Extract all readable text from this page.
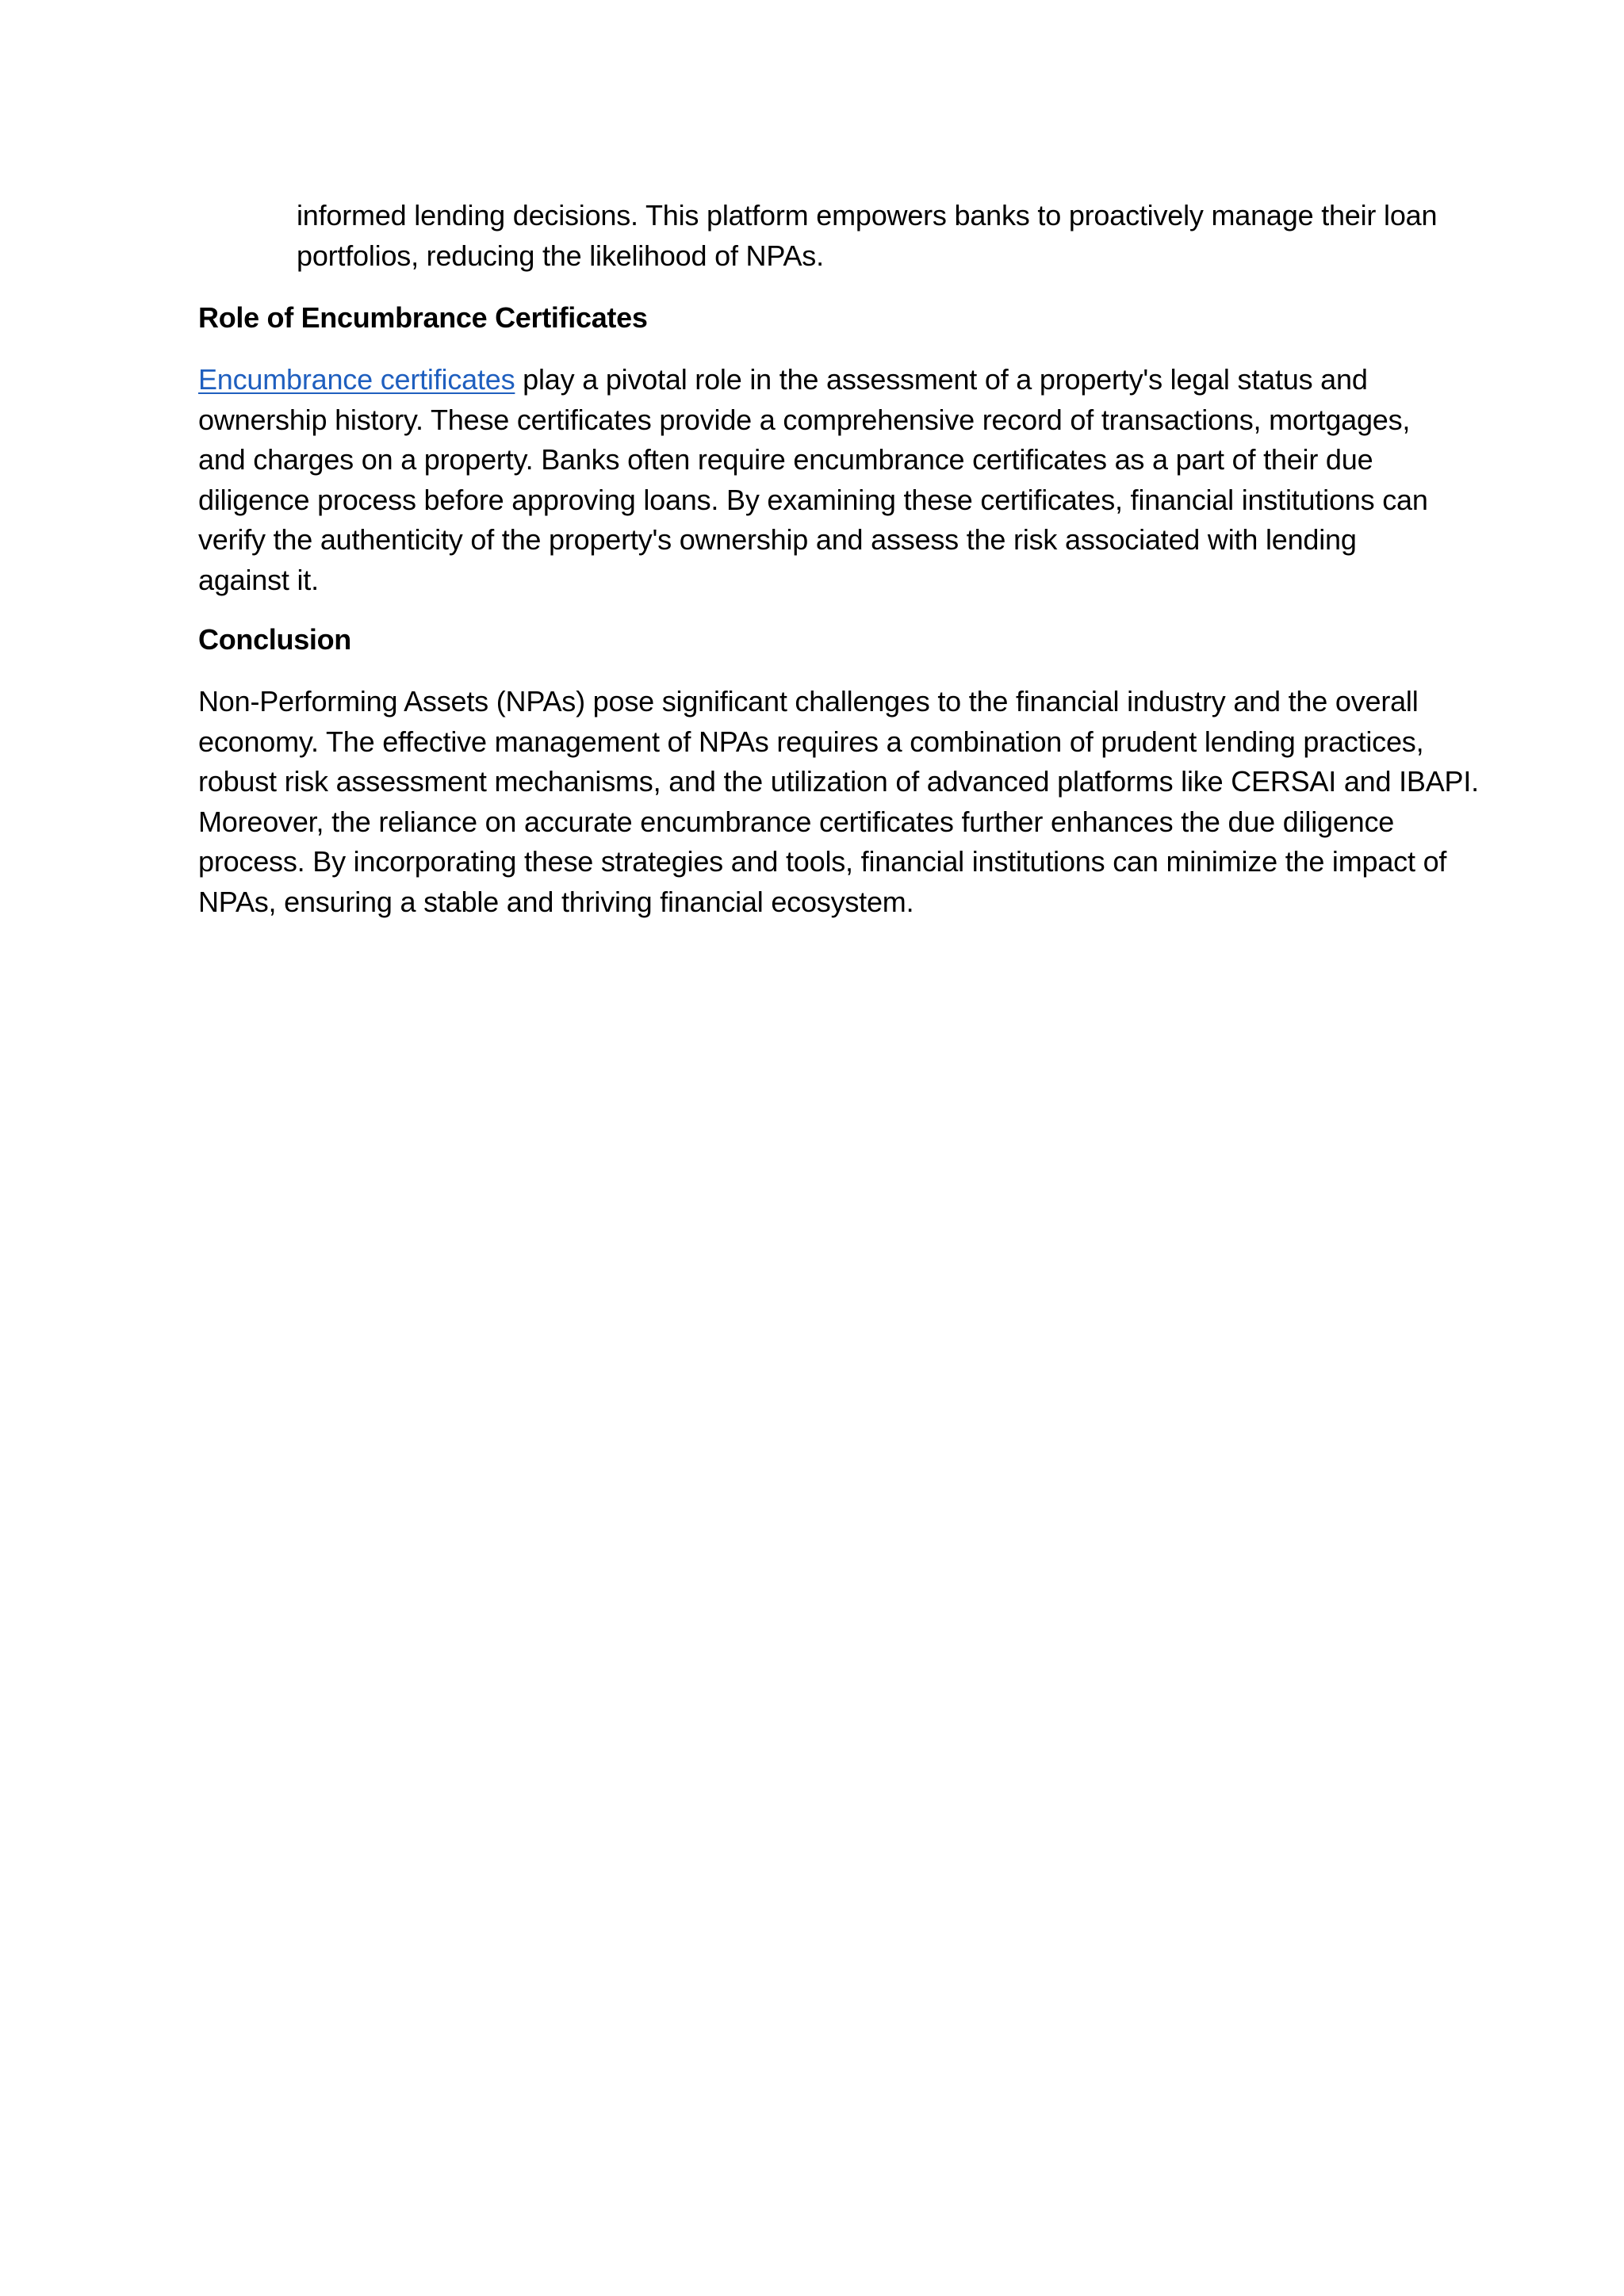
informed lending decisions. This platform empowers banks to proactively manage their loan
portfolios, reducing the likelihood of NPAs.
Role of Encumbrance Certificates
Encumbrance certificates play a pivotal role in the assessment of a property's legal status and
ownership history. These certificates provide a comprehensive record of transactions, mortgages,
and charges on a property. Banks often require encumbrance certificates as a part of their due
diligence process before approving loans. By examining these certificates, financial institutions can
verify the authenticity of the property's ownership and assess the risk associated with lending
against it.
Conclusion
Non-Performing Assets (NPAs) pose significant challenges to the financial industry and the overall
economy. The effective management of NPAs requires a combination of prudent lending practices,
robust risk assessment mechanisms, and the utilization of advanced platforms like CERSAI and IBAPI.
Moreover, the reliance on accurate encumbrance certificates further enhances the due diligence
process. By incorporating these strategies and tools, financial institutions can minimize the impact of
NPAs, ensuring a stable and thriving financial ecosystem.
